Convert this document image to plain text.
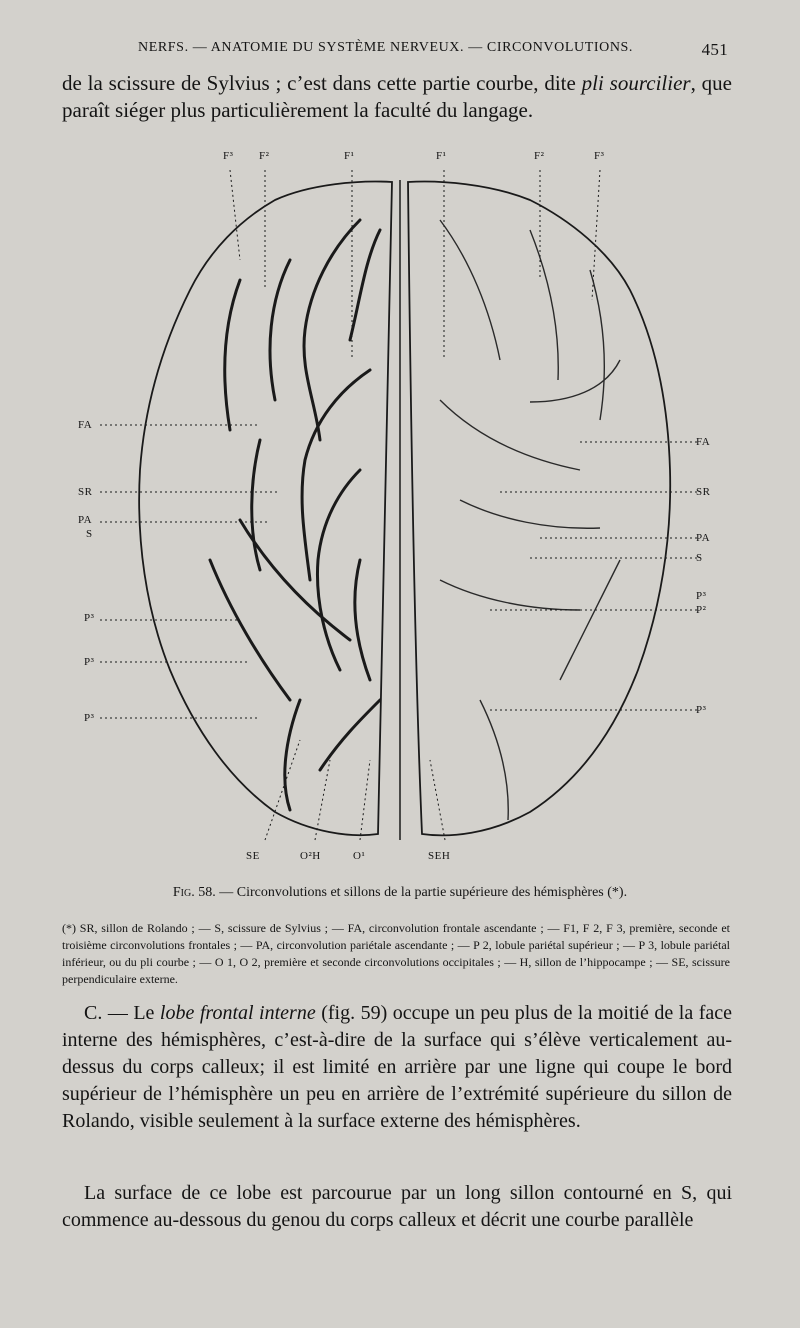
NERFS. — ANATOMIE DU SYSTÈME NERVEUX. — CIRCONVOLUTIONS.	451
de la scissure de Sylvius ; c’est dans cette partie courbe, dite pli sourcilier, que paraît siéger plus particulièrement la faculté du langage.
F³ F²	F¹	F¹	F²	F³
FA
SR
PA
S
P³
P³
P³
FA
SR
PA
S
P³
P²
P³
SE	O²H	O¹	SEH
Fig. 58. — Circonvolutions et sillons de la partie supérieure des hémisphères (*).
(*) SR, sillon de Rolando ; — S, scissure de Sylvius ; — FA, circonvolution frontale ascendante ; — F1, F 2, F 3, première, seconde et troisième circonvolutions frontales ; — PA, circonvolution pariétale ascendante ; — P 2, lobule pariétal supérieur ; — P 3, lobule pariétal inférieur, ou du pli courbe ; — O 1, O 2, première et seconde circonvolutions occipitales ; — H, sillon de l’hippocampe ; — SE, scissure perpendiculaire externe.
C. — Le lobe frontal interne (fig. 59) occupe un peu plus de la moitié de la face interne des hémisphères, c’est-à-dire de la surface qui s’élève verticalement au-dessus du corps calleux; il est limité en arrière par une ligne qui coupe le bord supérieur de l’hémisphère un peu en arrière de l’extrémité supérieure du sillon de Rolando, visible seulement à la surface externe des hémisphères.
La surface de ce lobe est parcourue par un long sillon contourné en S, qui commence au-dessous du genou du corps calleux et décrit une courbe parallèle
